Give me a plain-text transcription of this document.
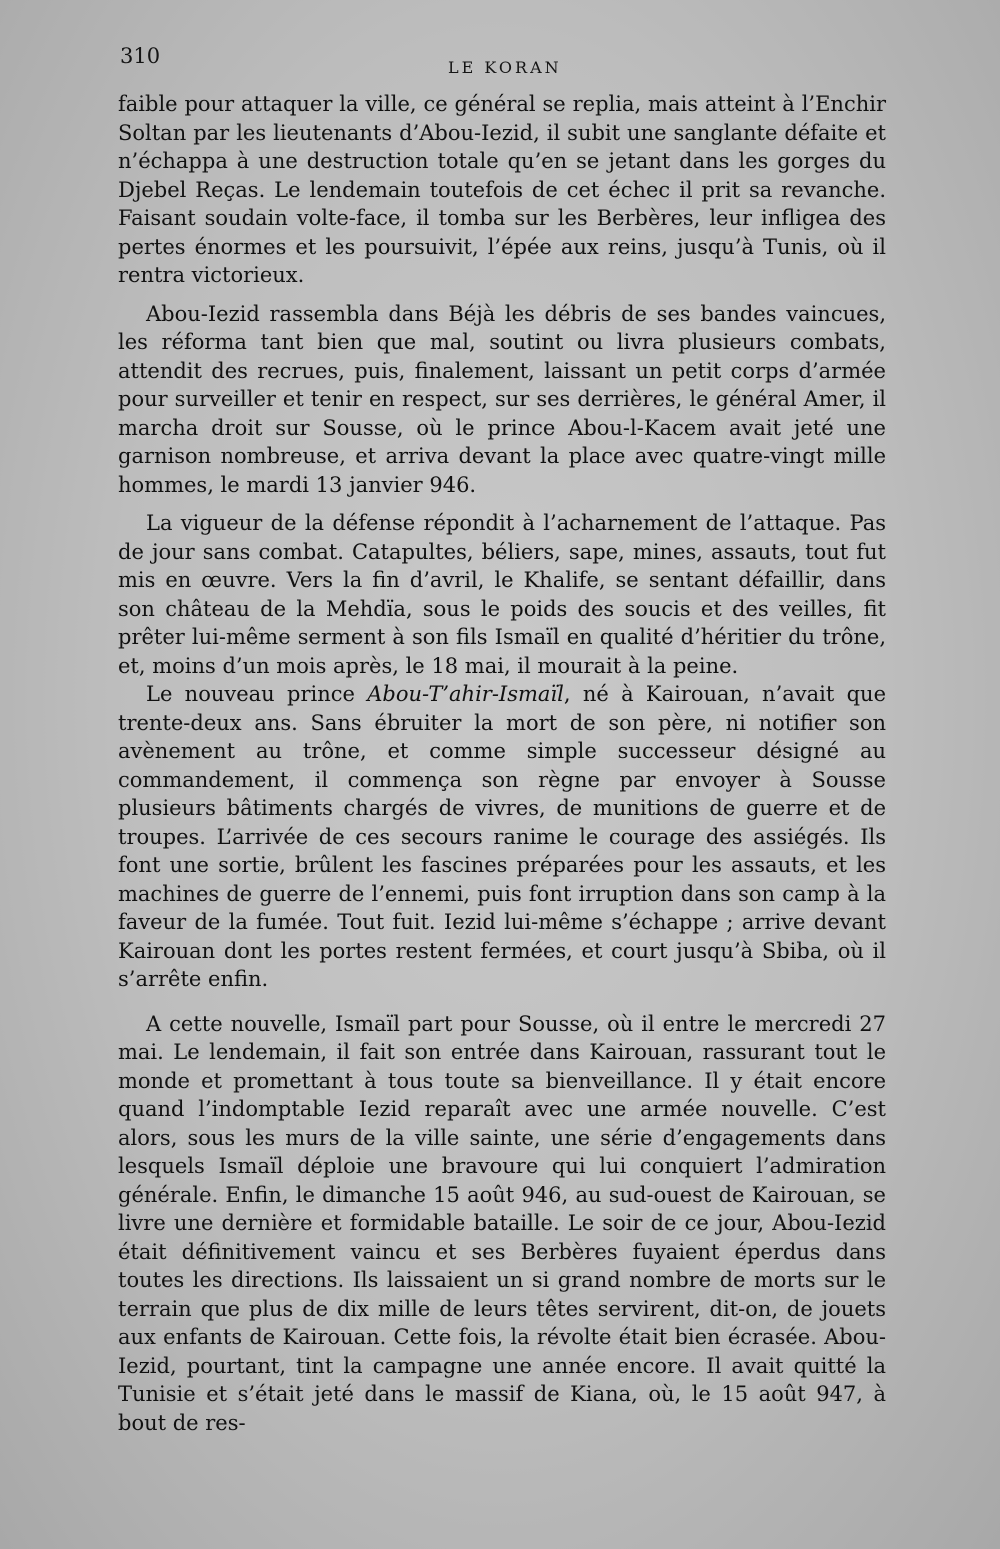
310	LE KORAN

faible pour attaquer la ville, ce général se replia, mais atteint à l’Enchir Soltan par les lieutenants d’Abou-Iezid, il subit une sanglante défaite et n’échappa à une destruction totale qu’en se jetant dans les gorges du Djebel Reças. Le lendemain toutefois de cet échec il prit sa revanche. Faisant soudain volte-face, il tomba sur les Berbères, leur infligea des pertes énormes et les poursuivit, l’épée aux reins, jusqu’à Tunis, où il rentra victorieux.

Abou-Iezid rassembla dans Béjà les débris de ses bandes vaincues, les réforma tant bien que mal, soutint ou livra plusieurs combats, attendit des recrues, puis, finalement, laissant un petit corps d’armée pour surveiller et tenir en respect, sur ses derrières, le général Amer, il marcha droit sur Sousse, où le prince Abou-l-Kacem avait jeté une garnison nombreuse, et arriva devant la place avec quatre-vingt mille hommes, le mardi 13 janvier 946.

La vigueur de la défense répondit à l’acharnement de l’attaque. Pas de jour sans combat. Catapultes, béliers, sape, mines, assauts, tout fut mis en œuvre. Vers la fin d’avril, le Khalife, se sentant défaillir, dans son château de la Mehdïa, sous le poids des soucis et des veilles, fit prêter lui-même serment à son fils Ismaïl en qualité d’héritier du trône, et, moins d’un mois après, le 18 mai, il mourait à la peine.

Le nouveau prince Abou-T’ahir-Ismaïl, né à Kairouan, n’avait que trente-deux ans. Sans ébruiter la mort de son père, ni notifier son avènement au trône, et comme simple successeur désigné au commandement, il commença son règne par envoyer à Sousse plusieurs bâtiments chargés de vivres, de munitions de guerre et de troupes. L’arrivée de ces secours ranime le courage des assiégés. Ils font une sortie, brûlent les fascines préparées pour les assauts, et les machines de guerre de l’ennemi, puis font irruption dans son camp à la faveur de la fumée. Tout fuit. Iezid lui-même s’échappe ; arrive devant Kairouan dont les portes restent fermées, et court jusqu’à Sbiba, où il s’arrête enfin.

A cette nouvelle, Ismaïl part pour Sousse, où il entre le mercredi 27 mai. Le lendemain, il fait son entrée dans Kairouan, rassurant tout le monde et promettant à tous toute sa bienveillance. Il y était encore quand l’indomptable Iezid reparaît avec une armée nouvelle. C’est alors, sous les murs de la ville sainte, une série d’engagements dans lesquels Ismaïl déploie une bravoure qui lui conquiert l’admiration générale. Enfin, le dimanche 15 août 946, au sud-ouest de Kairouan, se livre une dernière et formidable bataille. Le soir de ce jour, Abou-Iezid était définitivement vaincu et ses Berbères fuyaient éperdus dans toutes les directions. Ils laissaient un si grand nombre de morts sur le terrain que plus de dix mille de leurs têtes servirent, dit-on, de jouets aux enfants de Kairouan. Cette fois, la révolte était bien écrasée. Abou-Iezid, pourtant, tint la campagne une année encore. Il avait quitté la Tunisie et s’était jeté dans le massif de Kiana, où, le 15 août 947, à bout de res-
